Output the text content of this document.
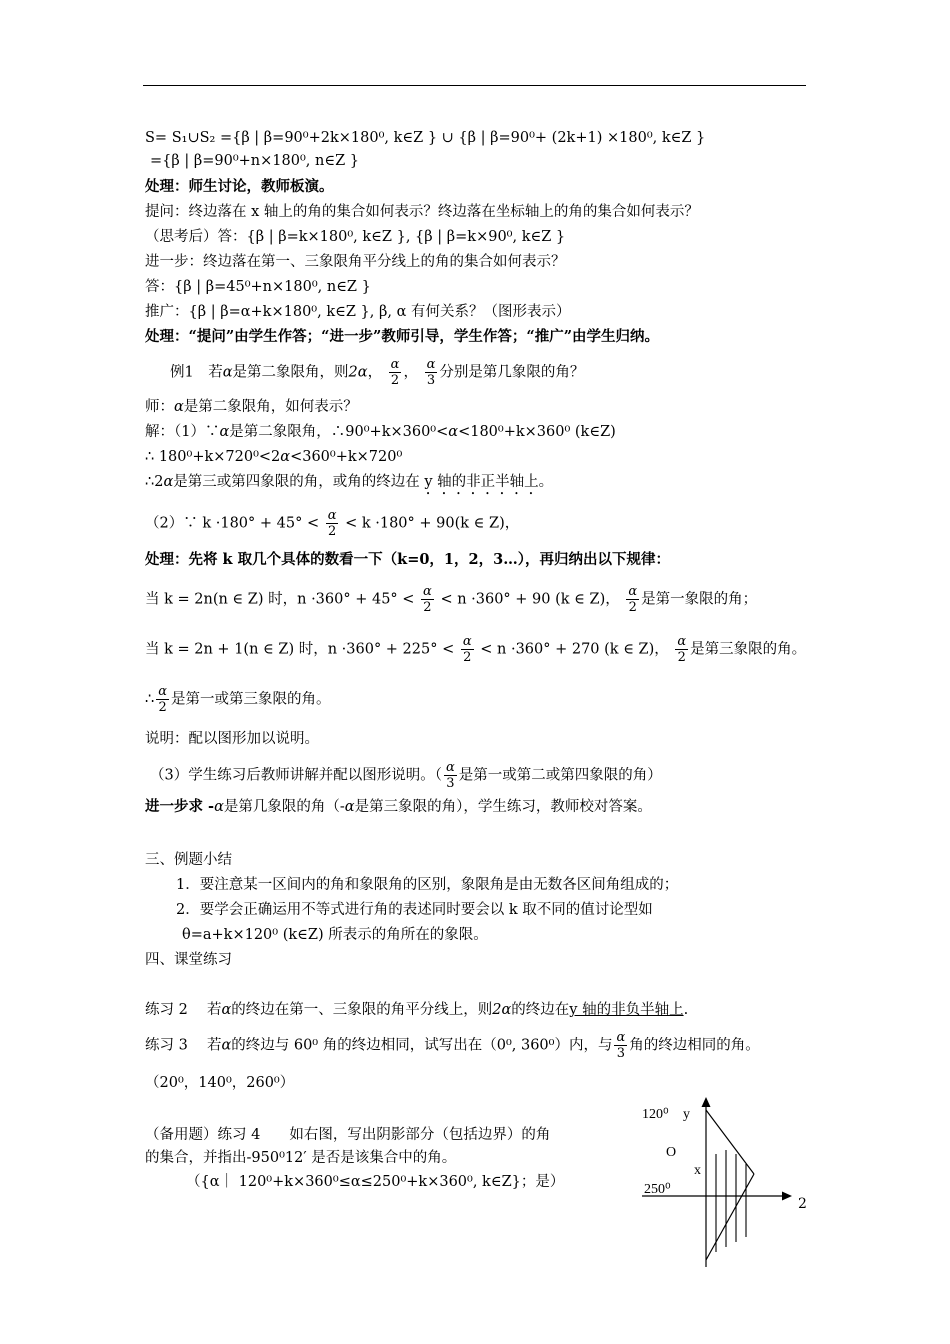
S= S₁∪S₂ ={β | β=90⁰+2k×180⁰, k∈Z } ∪ {β | β=90⁰+ (2k+1) ×180⁰, k∈Z }
={β | β=90⁰+n×180⁰, n∈Z }
处理：师生讨论，教师板演。
提问：终边落在 x 轴上的角的集合如何表示？终边落在坐标轴上的角的集合如何表示？
（思考后）答：{β | β=k×180⁰, k∈Z }, {β | β=k×90⁰, k∈Z }
进一步：终边落在第一、三象限角平分线上的角的集合如何表示？
答：{β | β=45⁰+n×180⁰, n∈Z }
推广：{β | β=α+k×180⁰, k∈Z }, β, α 有何关系？（图形表示）
处理：“提问”由学生作答；“进一步”教师引导，学生作答；“推广”由学生归纳。
例1　若α是第二象限角，则2α， $\frac{\alpha}{2}$ ， $\frac{\alpha}{3}$ 分别是第几象限的角？
师：α是第二象限角，如何表示？
解：（1）∵α是第二象限角，∴90⁰+k×360⁰<α<180⁰+k×360⁰ (k∈Z)
∴ 180⁰+k×720⁰<2α<360⁰+k×720⁰
∴2α是第三或第四象限的角，或角的终边在 y 轴的非正半轴上。
（2）∵ $k \cdot 180^\circ + 45^\circ < \frac{\alpha}{2} < k \cdot 180^\circ + 90(k$ ∈ Z)，
处理：先将 k 取几个具体的数看一下（k=0，1，2，3…），再归纳出以下规律：
当 k = 2n(n ∈ Z) 时，$n \cdot 360^\circ + 45^\circ < \frac{\alpha}{2} < n \cdot 360^\circ + 90$ (k ∈ Z)， $\frac{\alpha}{2}$ 是第一象限的角；
当 k = 2n + 1(n ∈ Z) 时，$n \cdot 360^\circ + 225^\circ < \frac{\alpha}{2} < n \cdot 360^\circ + 270$ (k ∈ Z)， $\frac{\alpha}{2}$ 是第三象限的角。
∴ $\frac{\alpha}{2}$ 是第一或第三象限的角。
说明：配以图形加以说明。
（3）学生练习后教师讲解并配以图形说明。（ $\frac{\alpha}{3}$ 是第一或第二或第四象限的角）
进一步求 -α是第几象限的角（-α是第三象限的角），学生练习，教师校对答案。
三、例题小结
1．要注意某一区间内的角和象限角的区别，象限角是由无数各区间角组成的；
2．要学会正确运用不等式进行角的表述同时要会以 k 取不同的值讨论型如
θ=a+k×120⁰ (k∈Z) 所表示的角所在的象限。
四、课堂练习
练习 2　 若α的终边在第一、三象限的角平分线上，则2α的终边在y 轴的非负半轴上.
练习 3　 若α的终边与 60⁰ 角的终边相同，试写出在（0⁰, 360⁰）内，与 $\frac{\alpha}{3}$ 角的终边相同的角。
（20⁰，140⁰，260⁰）
（备用题）练习 4　　如右图，写出阴影部分（包括边界）的角
的集合，并指出-950⁰12′ 是否是该集合中的角。
（{α｜ 120⁰+k×360⁰≤α≤250⁰+k×360⁰, k∈Z}；是）
120⁰ y
O
x
250⁰
2
